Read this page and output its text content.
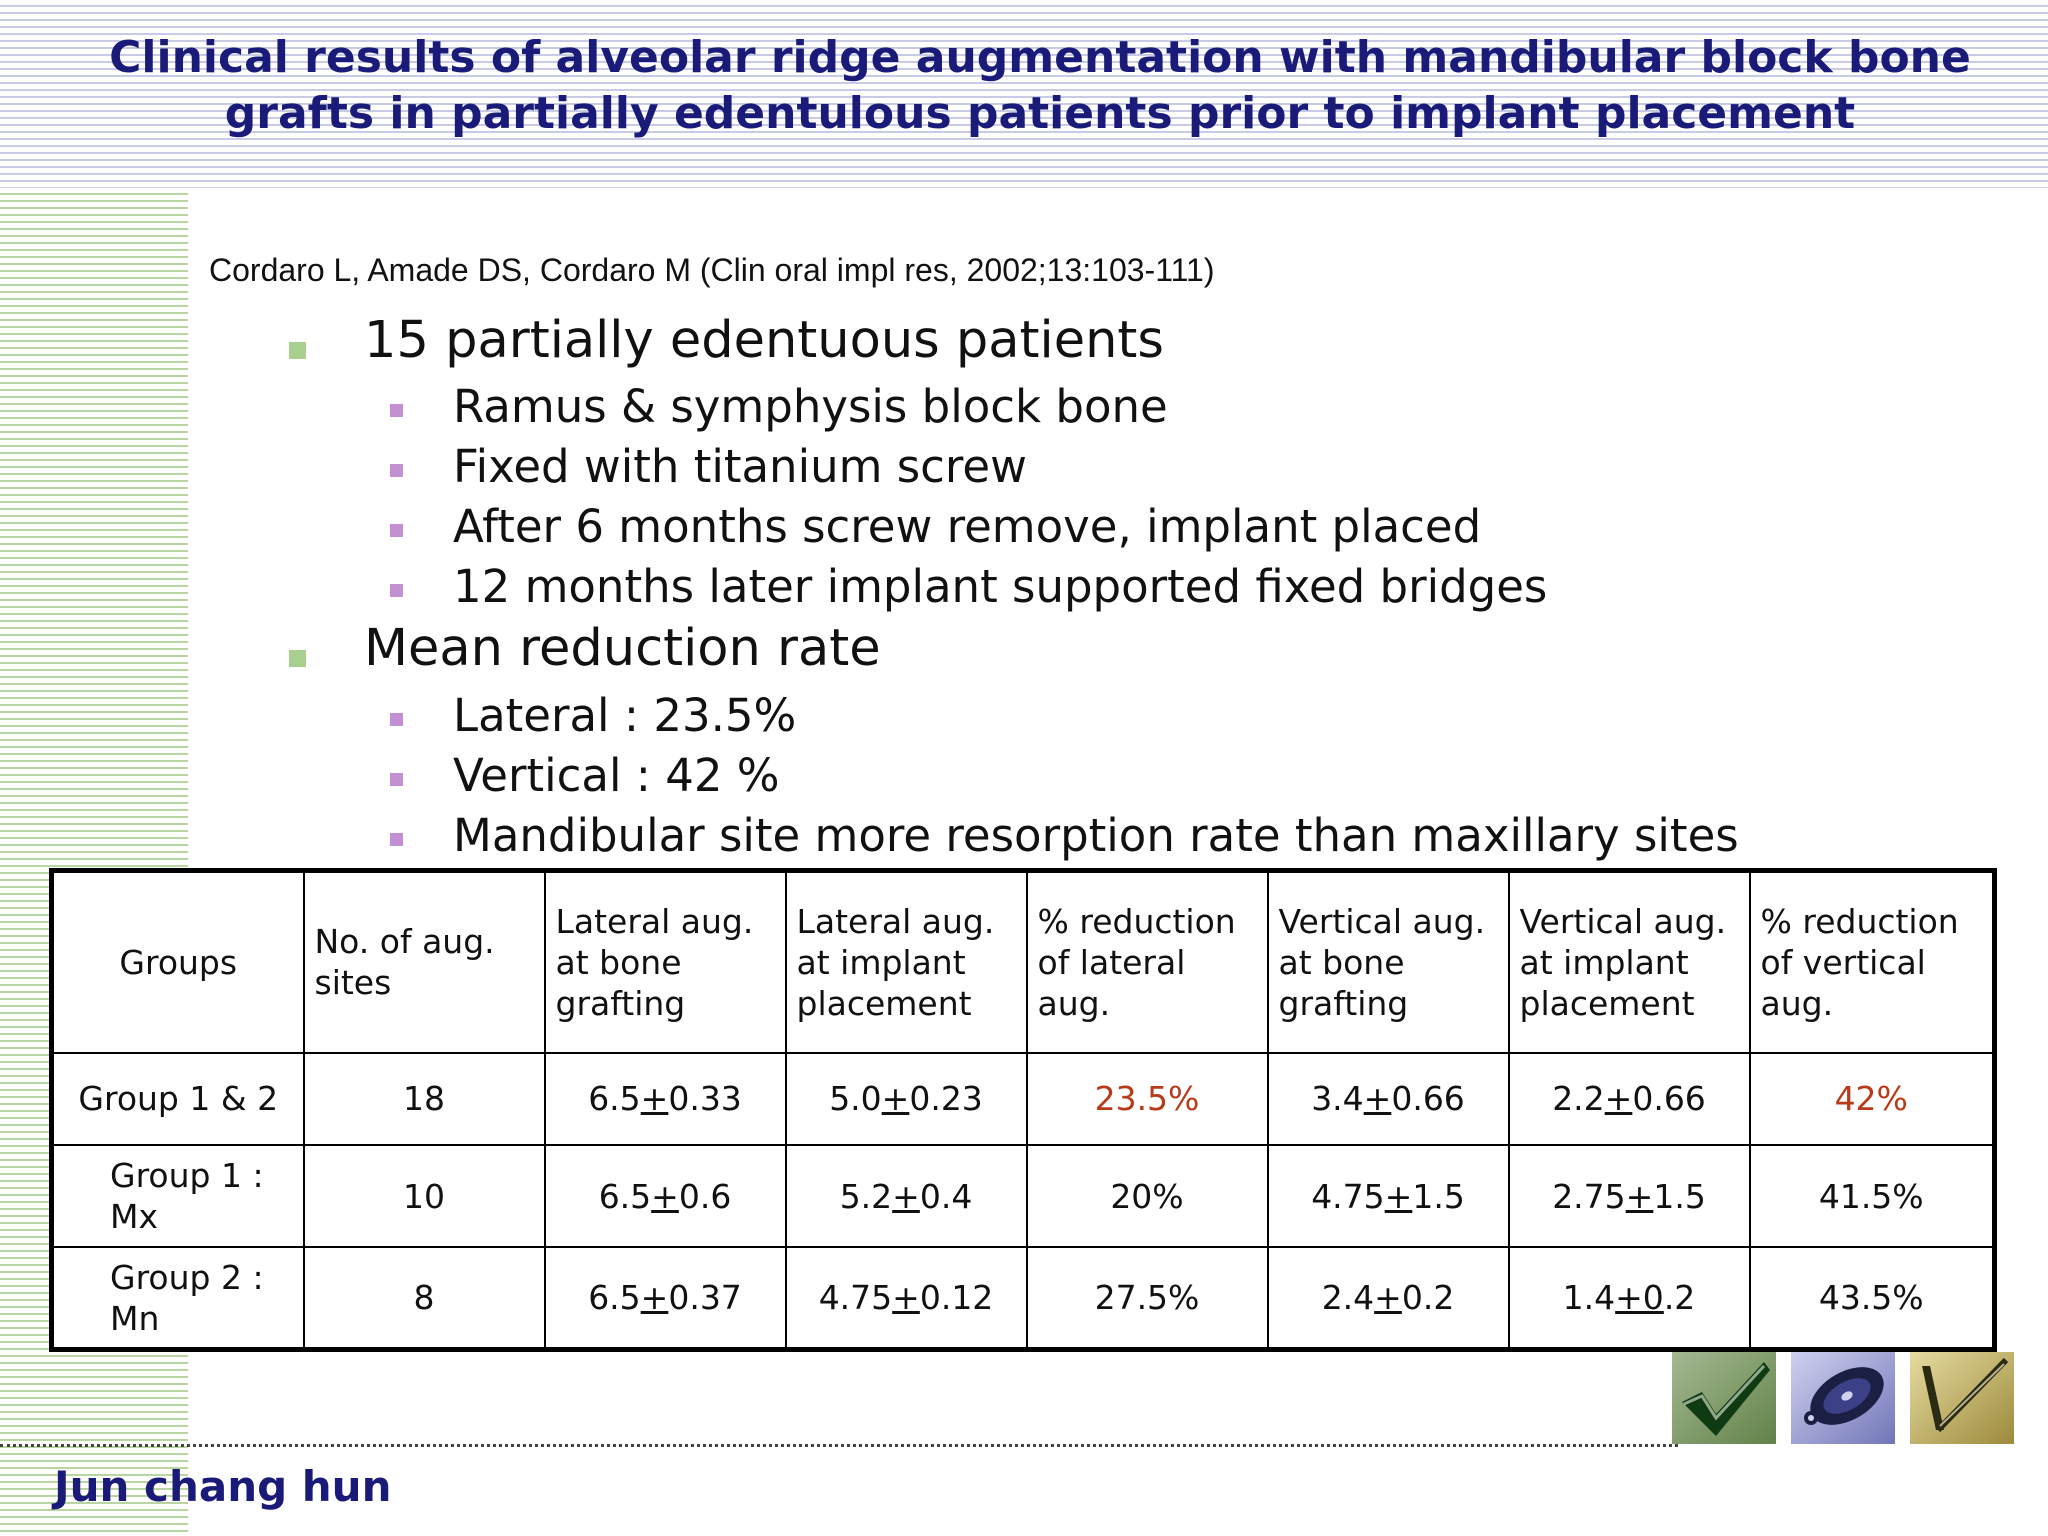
Clinical results of alveolar ridge augmentation with mandibular block bone
grafts in partially edentulous patients prior to implant placement
Cordaro L, Amade DS, Cordaro M (Clin oral impl res, 2002;13:103-111)
15 partially edentuous patients
Ramus & symphysis block bone
Fixed with titanium screw
After 6 months screw remove, implant placed
12 months later implant supported fixed bridges
Mean reduction rate
Lateral : 23.5%
Vertical : 42 %
Mandibular site more resorption rate than maxillary sites
Groups	No. of aug. sites	Lateral aug. at bone grafting	Lateral aug. at implant placement	% reduction of lateral aug.	Vertical aug. at bone grafting	Vertical aug. at implant placement	% reduction of vertical aug.
Group 1 & 2	18	6.5+0.33	5.0+0.23	23.5%	3.4+0.66	2.2+0.66	42%
Group 1 : Mx	10	6.5+0.6	5.2+0.4	20%	4.75+1.5	2.75+1.5	41.5%
Group 2 : Mn	8	6.5+0.37	4.75+0.12	27.5%	2.4+0.2	1.4+0.2	43.5%
Jun chang hun
